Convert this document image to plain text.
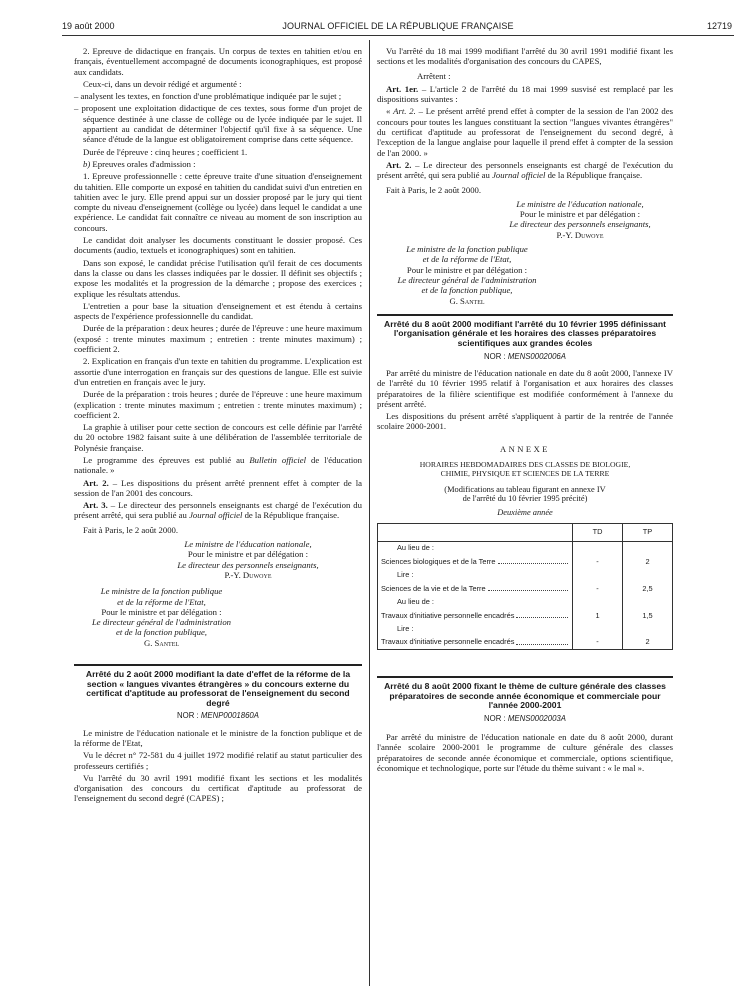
19 août 2000	JOURNAL OFFICIEL DE LA RÉPUBLIQUE FRANÇAISE	12719

2. Epreuve de didactique en français. Un corpus de textes en tahitien et/ou en français, éventuellement accompagné de documents iconographiques, est proposé aux candidats.

Ceux-ci, dans un devoir rédigé et argumenté :

– analysent les textes, en fonction d'une problématique indiquée par le sujet ;

– proposent une exploitation didactique de ces textes, sous forme d'un projet de séquence destinée à une classe de collège ou de lycée indiquée par le sujet. Il appartient au candidat de déterminer l'objectif qu'il fixe à sa séquence. Une séance d'étude de la langue est obligatoirement comprise dans cette séquence.

Durée de l'épreuve : cinq heures ; coefficient 1.

b) Epreuves orales d'admission :

1. Epreuve professionnelle : cette épreuve traite d'une situation d'enseignement du tahitien. Elle comporte un exposé en tahitien du candidat suivi d'un entretien en tahitien avec le jury. Elle prend appui sur un dossier proposé par le jury qui tient compte du niveau d'enseignement (collège ou lycée) dans lequel le candidat a une expérience. Le candidat fait connaître ce niveau au moment de son inscription au concours.

Le candidat doit analyser les documents constituant le dossier proposé. Ces documents (audio, textuels et iconographiques) sont en tahitien.

Dans son exposé, le candidat précise l'utilisation qu'il ferait de ces documents dans la classe ou dans les classes indiquées par le dossier. Il définit ses objectifs ; expose les modalités et la progression de la démarche ; propose des exercices ; explique les résultats attendus.

L'entretien a pour base la situation d'enseignement et est étendu à certains aspects de l'expérience professionnelle du candidat.

Durée de la préparation : deux heures ; durée de l'épreuve : une heure maximum (exposé : trente minutes maximum ; entretien : trente minutes maximum) ; coefficient 2.

2. Explication en français d'un texte en tahitien du programme. L'explication est assortie d'une interrogation en français sur des questions de langue. Elle est suivie d'un entretien en français avec le jury.

Durée de la préparation : trois heures ; durée de l'épreuve : une heure maximum (explication : trente minutes maximum ; entretien : trente minutes maximum) ; coefficient 2.

La graphie à utiliser pour cette section de concours est celle définie par l'arrêté du 20 octobre 1982 faisant suite à une délibération de l'assemblée territoriale de Polynésie française.

Le programme des épreuves est publié au Bulletin officiel de l'éducation nationale. »

Art. 2. – Les dispositions du présent arrêté prennent effet à compter de la session de l'an 2001 des concours.

Art. 3. – Le directeur des personnels enseignants est chargé de l'exécution du présent arrêté, qui sera publié au Journal officiel de la République française.

Fait à Paris, le 2 août 2000.

Le ministre de l'éducation nationale,
Pour le ministre et par délégation :
Le directeur des personnels enseignants,
P.-Y. Duwoye
Le ministre de la fonction publique
et de la réforme de l'Etat,
Pour le ministre et par délégation :
Le directeur général de l'administration
et de la fonction publique,
G. Santel
Arrêté du 2 août 2000 modifiant la date d'effet de la réforme de la section « langues vivantes étrangères » du concours externe du certificat d'aptitude au professorat de l'enseignement du second degré
NOR : MENP0001860A

Le ministre de l'éducation nationale et le ministre de la fonction publique et de la réforme de l'Etat,

Vu le décret n° 72-581 du 4 juillet 1972 modifié relatif au statut particulier des professeurs certifiés ;

Vu l'arrêté du 30 avril 1991 modifié fixant les sections et les modalités d'organisation des concours du certificat d'aptitude au professorat de l'enseignement du second degré (CAPES) ;

Vu l'arrêté du 18 mai 1999 modifiant l'arrêté du 30 avril 1991 modifié fixant les sections et les modalités d'organisation des concours du CAPES,

Arrêtent :

Art. 1er. – L'article 2 de l'arrêté du 18 mai 1999 susvisé est remplacé par les dispositions suivantes :

« Art. 2. – Le présent arrêté prend effet à compter de la session de l'an 2002 des concours pour toutes les langues constituant la section "langues vivantes étrangères" du certificat d'aptitude au professorat de l'enseignement du second degré, à l'exception de la langue anglaise pour laquelle il prend effet à compter de la session de l'an 2000. »

Art. 2. – Le directeur des personnels enseignants est chargé de l'exécution du présent arrêté, qui sera publié au Journal officiel de la République française.

Fait à Paris, le 2 août 2000.

Le ministre de l'éducation nationale,
Pour le ministre et par délégation :
Le directeur des personnels enseignants,
P.-Y. Duwoye
Le ministre de la fonction publique
et de la réforme de l'Etat,
Pour le ministre et par délégation :
Le directeur général de l'administration
et de la fonction publique,
G. Santel
Arrêté du 8 août 2000 modifiant l'arrêté du 10 février 1995 définissant l'organisation générale et les horaires des classes préparatoires scientifiques aux grandes écoles
NOR : MENS0002006A

Par arrêté du ministre de l'éducation nationale en date du 8 août 2000, l'annexe IV de l'arrêté du 10 février 1995 relatif à l'organisation et aux horaires des classes préparatoires de la filière scientifique est modifiée conformément à l'annexe du présent arrêté.

Les dispositions du présent arrêté s'appliquent à partir de la rentrée de l'année scolaire 2000-2001.

ANNEXE
HORAIRES HEBDOMADAIRES DES CLASSES DE BIOLOGIE,
CHIMIE, PHYSIQUE ET SCIENCES DE LA TERRE
(Modifications au tableau figurant en annexe IV
de l'arrêté du 10 février 1995 précité)
Deuxième année
	TD	TP
Au lieu de :		

Sciences biologiques et de la Terre	-	2
Lire :		

Sciences de la vie et de la Terre	-	2,5
Au lieu de :		

Travaux d'initiative personnelle encadrés	1	1,5
Lire :		

Travaux d'initiative personnelle encadrés	-	2
Arrêté du 8 août 2000 fixant le thème de culture générale des classes préparatoires de seconde année économique et commerciale pour l'année 2000-2001
NOR : MENS0002003A

Par arrêté du ministre de l'éducation nationale en date du 8 août 2000, durant l'année scolaire 2000-2001 le programme de culture générale des classes préparatoires de seconde année économique et commerciale, options scientifique, économique et technologique, porte sur l'étude du thème suivant : « le mal ».
